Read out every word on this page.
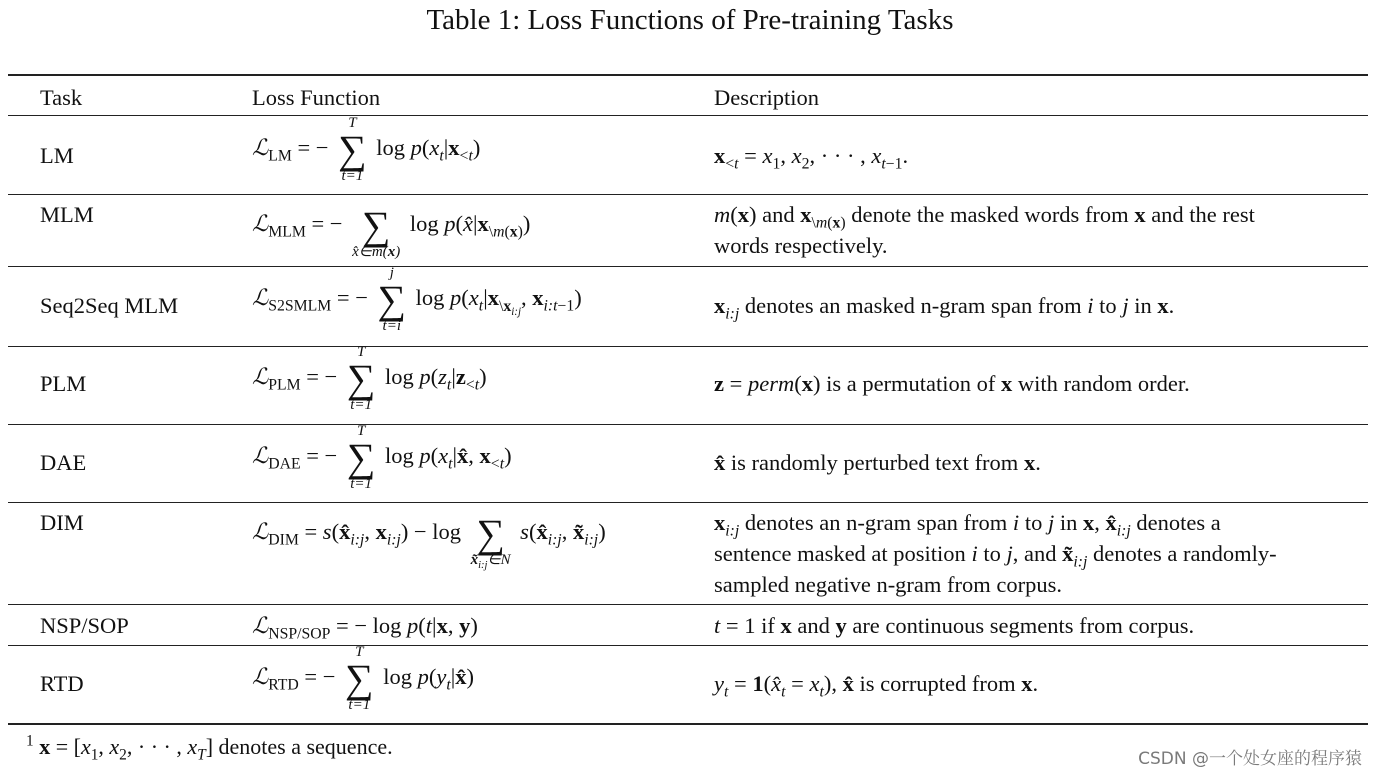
Table 1: Loss Functions of Pre-training Tasks
Task	Loss Function	Description
LM	ℒ$_{LM}$ = −
T
∑
t=1
$\log p(x_t|x_{<t})$	$x_{<t} = x_1$, $x_2$, · · · , $x_{t-1}$.
MLM	ℒ$_{MLM}$ = −
∑
x̂∈m(x)
$\log p(x̂|x_{\backslash m(x)})$	m(x) and $x_{\backslash m(x)}$ denote the masked words from x and the rest
words respectively.
Seq2Seq MLM	ℒ$_{S2SMLM}$ = −
j
∑
t=i
$\log p(x_t|x_{\backslash x_{i:j}}$, $x_{i:t-1}$)	$x_{i:j}$ denotes an masked n-gram span from i to j in x.
PLM	ℒ$_{PLM}$ = −
T
∑
t=1
$\log p(z_t|z_{<t})$	z = perm(x) is a permutation of x with random order.
DAE	ℒ$_{DAE}$ = −
T
∑
t=1
$\log p(x_t|x̂$, $x_{<t}$)	x̂ is randomly perturbed text from x.
DIM	ℒ$_{DIM}$ = $s(x̂_{i:j}$, $x_{i:j}) - \log$
∑
$x̃_{i:j}\in N$
$s(x̂_{i:j}$, $x̃_{i:j}$)	$x_{i:j}$ denotes an n-gram span from i to j in x, $x̂_{i:j}$ denotes a
sentence masked at position i to j, and $x̃_{i:j}$ denotes a randomly-
sampled negative n-gram from corpus.
NSP/SOP	ℒ$_{NSP/SOP}$ = − log p(t|x, y)	t = 1 if x and y are continuous segments from corpus.
RTD	ℒ$_{RTD}$ = −
T
∑
t=1
$\log p(y_t|x̂)$	$y_t$ = $1(x̂_t = x_t)$, x̂ is corrupted from x.
$^1$ $x = [x_1$, $x_2$, · · · , $x_T$] denotes a sequence.	CSDN @一个处女座的程序猿
